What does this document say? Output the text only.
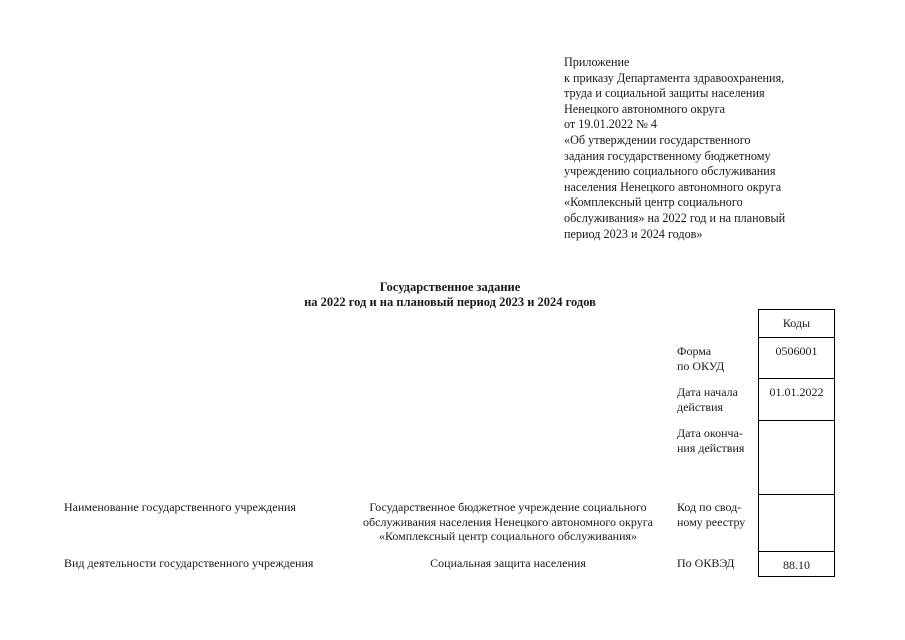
Приложение
к приказу Департамента здравоохранения,
труда и социальной защиты населения
Ненецкого автономного округа
от 19.01.2022 № 4
«Об утверждении государственного
задания государственному бюджетному
учреждению социального обслуживания
населения Ненецкого автономного округа
«Комплексный центр социального
обслуживания» на 2022 год и на плановый
период 2023 и 2024 годов»
Государственное задание
на 2022 год и на плановый период 2023 и 2024 годов
Коды
0506001
01.01.2022
88.10
Форма
по ОКУД
Дата начала
действия
Дата оконча-
ния действия
Код по свод-
ному реестру
По ОКВЭД
Наименование государственного учреждения	Государственное бюджетное учреждение социального
обслуживания населения Ненецкого автономного округа
«Комплексный центр социального обслуживания»
Вид деятельности государственного учреждения	Социальная защита населения
